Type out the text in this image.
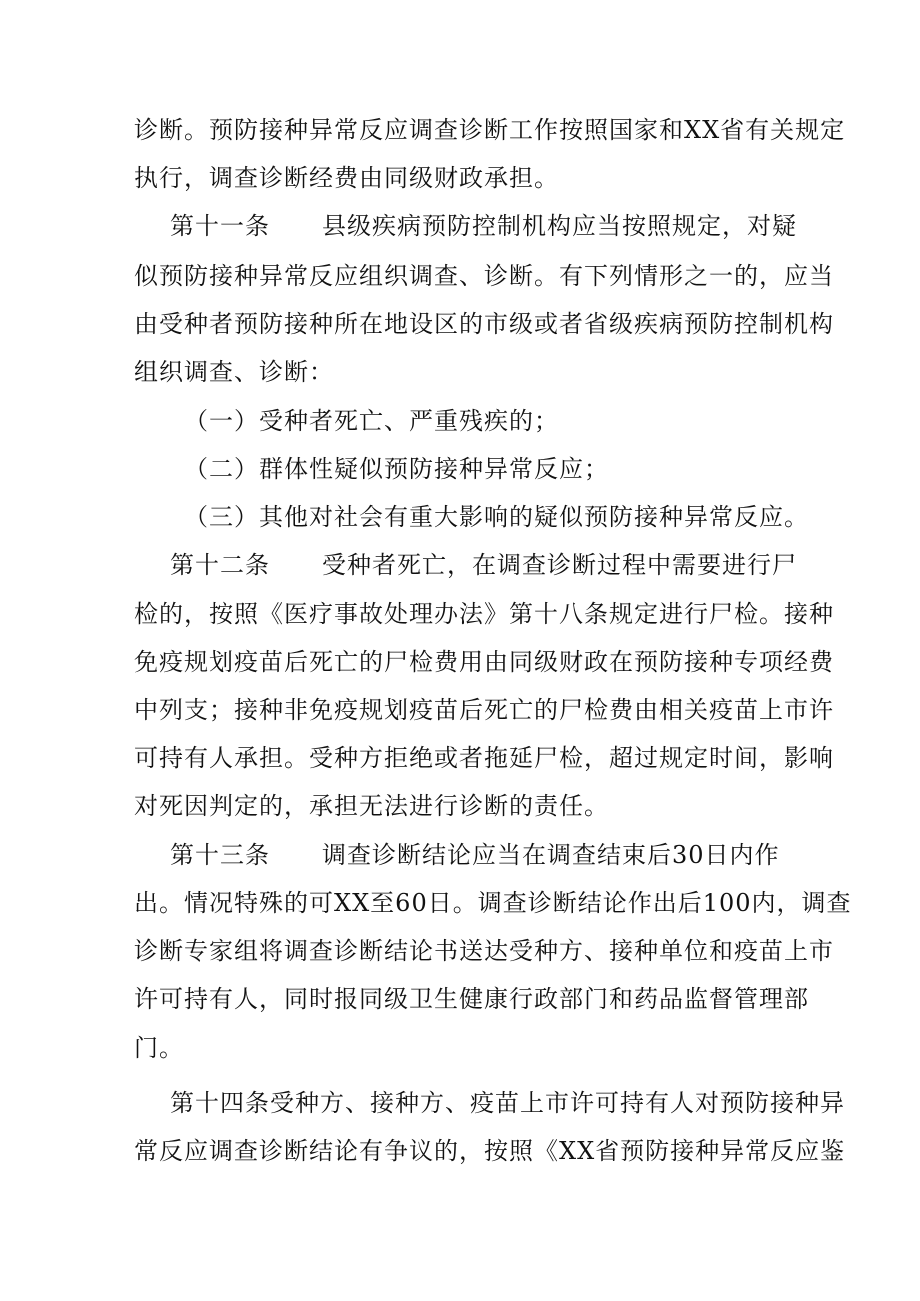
诊断。预防接种异常反应调查诊断工作按照国家和XX省有关规定
执行，调查诊断经费由同级财政承担。
第十一条 县级疾病预防控制机构应当按照规定，对疑
似预防接种异常反应组织调查、诊断。有下列情形之一的，应当
由受种者预防接种所在地设区的市级或者省级疾病预防控制机构
组织调查、诊断：
（一）受种者死亡、严重残疾的；
（二）群体性疑似预防接种异常反应；
（三）其他对社会有重大影响的疑似预防接种异常反应。
第十二条 受种者死亡，在调查诊断过程中需要进行尸
检的，按照《医疗事故处理办法》第十八条规定进行尸检。接种
免疫规划疫苗后死亡的尸检费用由同级财政在预防接种专项经费
中列支；接种非免疫规划疫苗后死亡的尸检费由相关疫苗上市许
可持有人承担。受种方拒绝或者拖延尸检，超过规定时间，影响
对死因判定的，承担无法进行诊断的责任。
第十三条 调查诊断结论应当在调查结束后30日内作
出。情况特殊的可XX至60日。调查诊断结论作出后100内，调查
诊断专家组将调查诊断结论书送达受种方、接种单位和疫苗上市
许可持有人，同时报同级卫生健康行政部门和药品监督管理部
门。
第十四条受种方、接种方、疫苗上市许可持有人对预防接种异
常反应调查诊断结论有争议的，按照《XX省预防接种异常反应鉴
